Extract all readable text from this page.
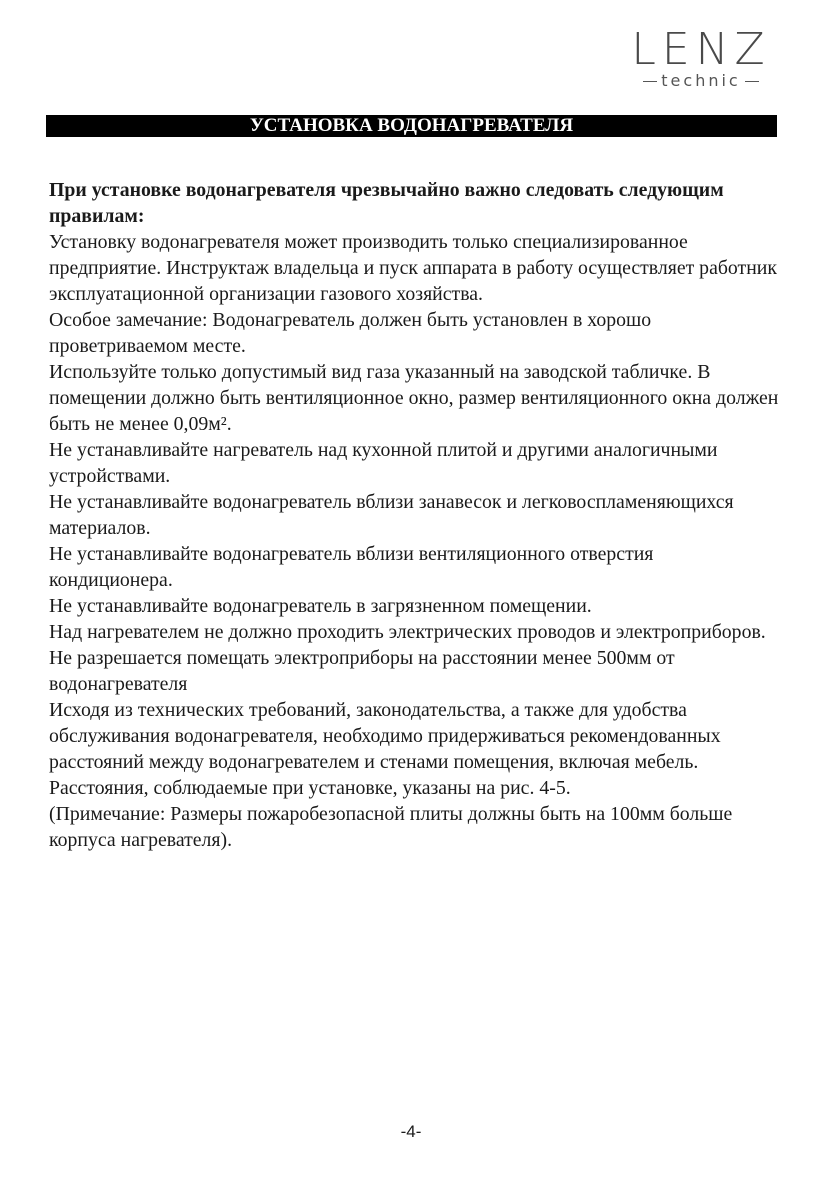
LENZ
technic
УСТАНОВКА ВОДОНАГРЕВАТЕЛЯ

При установке водонагревателя чрезвычайно важно следовать следующим правилам:

Установку водонагревателя может производить только специализированное предприятие. Инструктаж владельца и пуск аппарата в работу осуществляет работник эксплуатационной организации газового хозяйства.

Особое замечание: Водонагреватель должен быть установлен в хорошо проветриваемом месте.

Используйте только допустимый вид газа указанный на заводской табличке. В помещении должно быть вентиляционное окно, размер вентиляционного окна должен быть не менее 0,09м².

Не устанавливайте нагреватель над кухонной плитой и другими аналогичными устройствами.

Не устанавливайте водонагреватель вблизи занавесок и легковоспламеняющихся материалов.

Не устанавливайте водонагреватель вблизи вентиляционного отверстия кондиционера.

Не устанавливайте водонагреватель в загрязненном помещении.

Над нагревателем не должно проходить электрических проводов и электроприборов. Не разрешается помещать электроприборы на расстоянии менее 500мм от водонагревателя

Исходя из технических требований, законодательства, а также для удобства обслуживания водонагревателя, необходимо придерживаться рекомендованных расстояний между водонагревателем и стенами помещения, включая мебель.

Расстояния, соблюдаемые при установке, указаны на рис. 4-5.

(Примечание: Размеры пожаробезопасной плиты должны быть на 100мм больше корпуса нагревателя).

-4-
